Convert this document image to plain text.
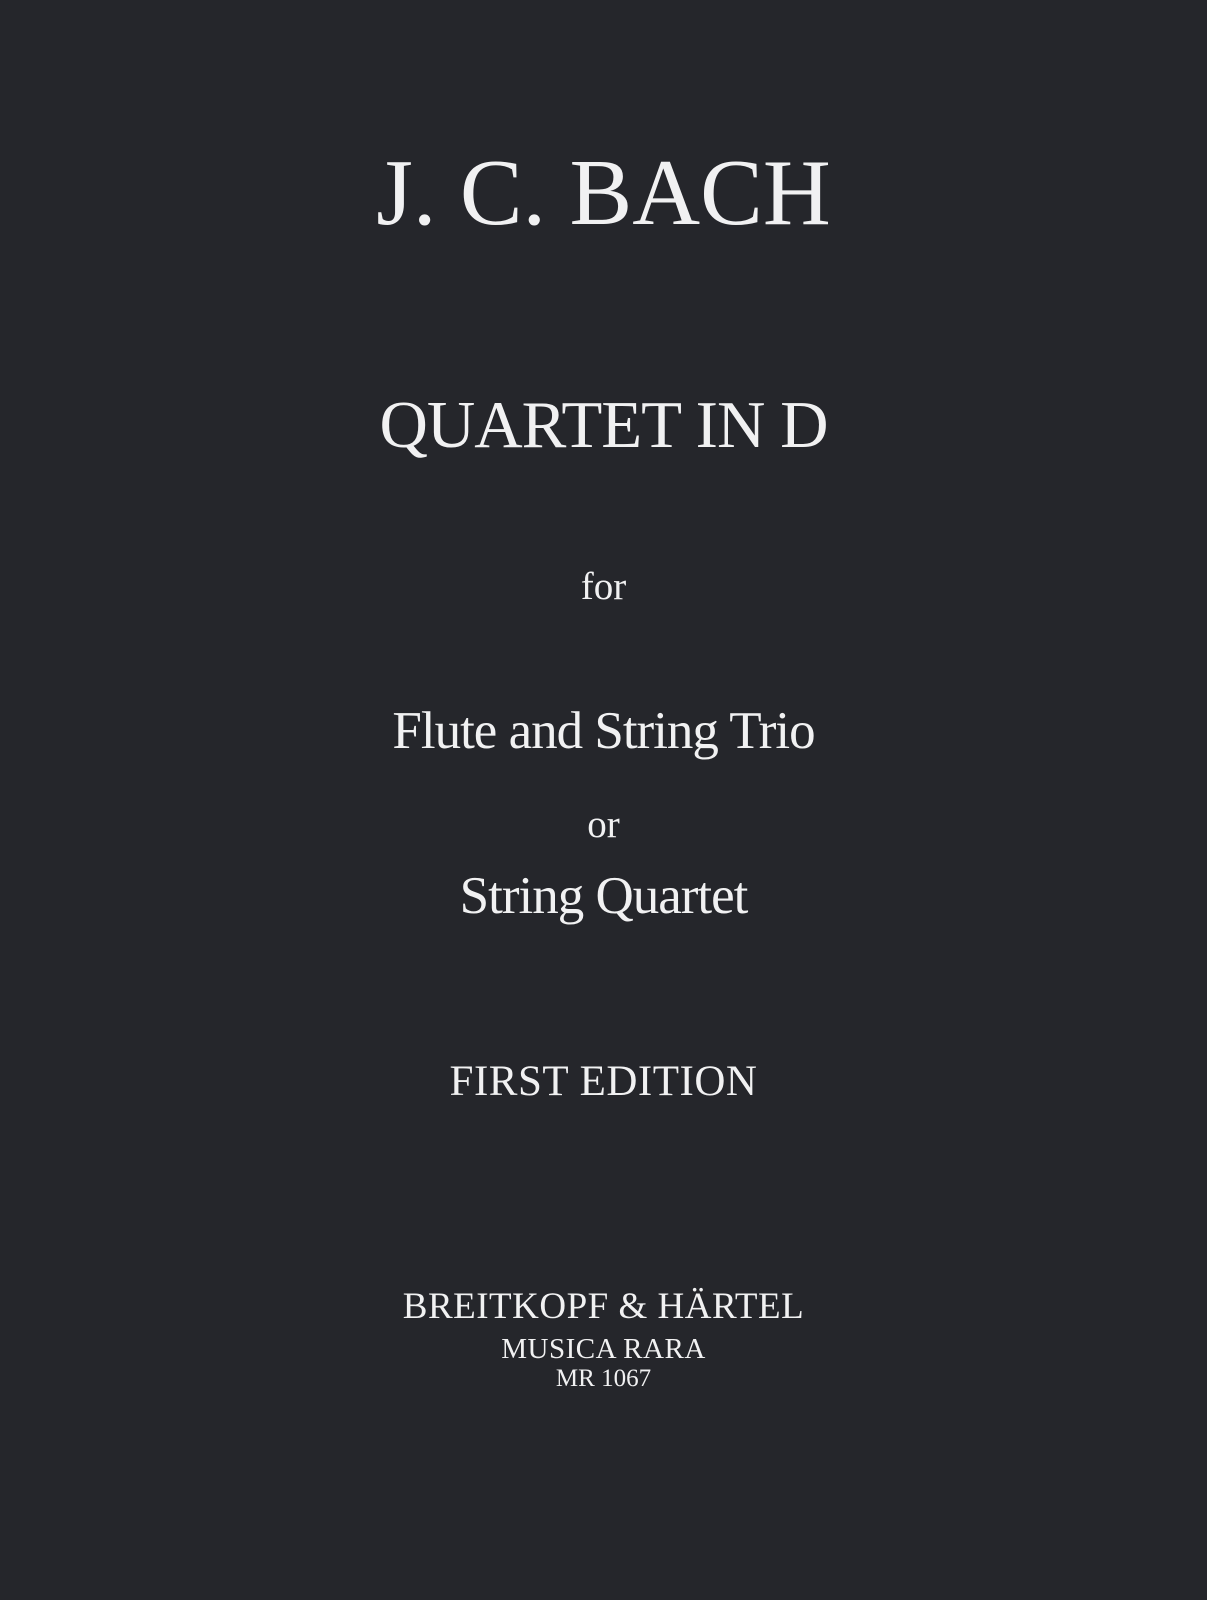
J. C. BACH
QUARTET IN D
for
Flute and String Trio
or
String Quartet
FIRST EDITION
BREITKOPF & HÄRTEL
MUSICA RARA
MR 1067
